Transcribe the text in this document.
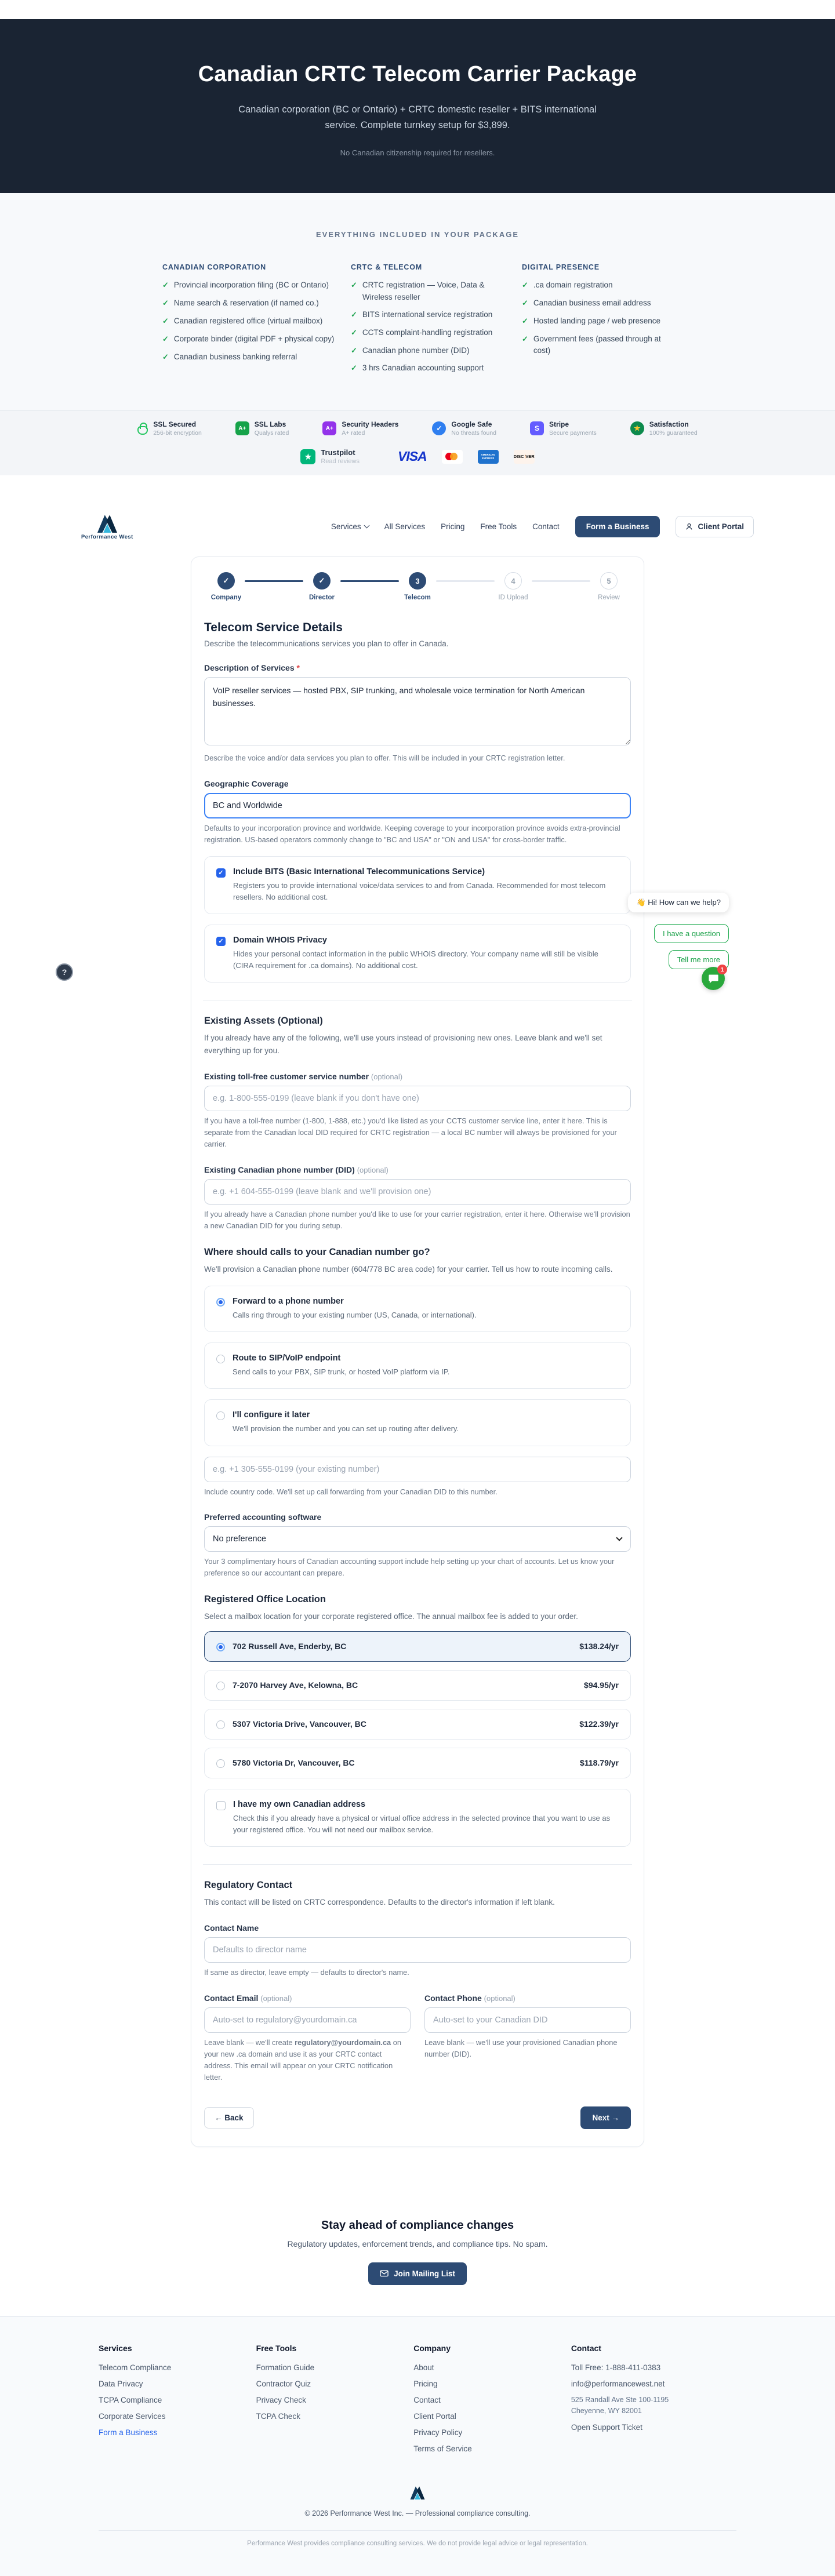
Canadian CRTC Telecom Carrier Package

Canadian corporation (BC or Ontario) + CRTC domestic reseller + BITS international service. Complete turnkey setup for $3,899.

No Canadian citizenship required for resellers.

EVERYTHING INCLUDED IN YOUR PACKAGE
CANADIAN CORPORATION
✓ Provincial incorporation filing (BC or Ontario)
✓ Name search & reservation (if named co.)
✓ Canadian registered office (virtual mailbox)
✓ Corporate binder (digital PDF + physical copy)
✓ Canadian business banking referral
CRTC & TELECOM
✓ CRTC registration — Voice, Data & Wireless reseller
✓ BITS international service registration
✓ CCTS complaint-handling registration
✓ Canadian phone number (DID)
✓ 3 hrs Canadian accounting support
DIGITAL PRESENCE
✓ .ca domain registration
✓ Canadian business email address
✓ Hosted landing page / web presence
✓ Government fees (passed through at cost)
SSL Secured
256-bit encryption
A+	SSL Labs
Qualys rated
A+	Security Headers
A+ rated
✓	Google Safe
No threats found
S	Stripe
Secure payments
★	Satisfaction
100% guaranteed
★	Trustpilot
Read reviews	VISA	AMERICAN EXPRESS	DISC VER
Performance West
Services	All Services Pricing Free Tools Contact	Form a Business	Client Portal
✓
Company
✓
Director
3
Telecom
4
ID Upload
5
Review
Telecom Service Details

Describe the telecommunications services you plan to offer in Canada.

Description of Services *
VoIP reseller services — hosted PBX, SIP trunking, and wholesale voice termination for North American businesses.

Describe the voice and/or data services you plan to offer. This will be included in your CRTC registration letter.

Geographic Coverage
BC and Worldwide

Defaults to your incorporation province and worldwide. Keeping coverage to your incorporation province avoids extra-provincial registration. US-based operators commonly change to "BC and USA" or "ON and USA" for cross-border traffic.

✓ Include BITS (Basic International Telecommunications Service)
Registers you to provide international voice/data services to and from Canada. Recommended for most telecom resellers. No additional cost.
✓ Domain WHOIS Privacy
Hides your personal contact information in the public WHOIS directory. Your company name will still be visible (CIRA requirement for .ca domains). No additional cost.
Existing Assets (Optional)

If you already have any of the following, we'll use yours instead of provisioning new ones. Leave blank and we'll set everything up for you.

Existing toll-free customer service number (optional)
e.g. 1-800-555-0199 (leave blank if you don't have one)

If you have a toll-free number (1-800, 1-888, etc.) you'd like listed as your CCTS customer service line, enter it here. This is separate from the Canadian local DID required for CRTC registration — a local BC number will always be provisioned for your carrier.

Existing Canadian phone number (DID) (optional)
e.g. +1 604-555-0199 (leave blank and we'll provision one)

If you already have a Canadian phone number you'd like to use for your carrier registration, enter it here. Otherwise we'll provision a new Canadian DID for you during setup.

Where should calls to your Canadian number go?

We'll provision a Canadian phone number (604/778 BC area code) for your carrier. Tell us how to route incoming calls.

Forward to a phone number
Calls ring through to your existing number (US, Canada, or international).
Route to SIP/VoIP endpoint
Send calls to your PBX, SIP trunk, or hosted VoIP platform via IP.
I'll configure it later
We'll provision the number and you can set up routing after delivery.
e.g. +1 305-555-0199 (your existing number)

Include country code. We'll set up call forwarding from your Canadian DID to this number.

Preferred accounting software
No preference

Your 3 complimentary hours of Canadian accounting support include help setting up your chart of accounts. Let us know your preference so our accountant can prepare.

Registered Office Location

Select a mailbox location for your corporate registered office. The annual mailbox fee is added to your order.

702 Russell Ave, Enderby, BC	$138.24/yr
7-2070 Harvey Ave, Kelowna, BC	$94.95/yr
5307 Victoria Drive, Vancouver, BC	$122.39/yr
5780 Victoria Dr, Vancouver, BC	$118.79/yr
I have my own Canadian address
Check this if you already have a physical or virtual office address in the selected province that you want to use as your registered office. You will not need our mailbox service.
Regulatory Contact

This contact will be listed on CRTC correspondence. Defaults to the director's information if left blank.

Contact Name
Defaults to director name

If same as director, leave empty — defaults to director's name.

Contact Email (optional)
Auto-set to regulatory@yourdomain.ca

Leave blank — we'll create regulatory@yourdomain.ca on your new .ca domain and use it as your CRTC contact address. This email will appear on your CRTC notification letter.

Contact Phone (optional)
Auto-set to your Canadian DID

Leave blank — we'll use your provisioned Canadian phone number (DID).

← Back	Next →
Stay ahead of compliance changes

Regulatory updates, enforcement trends, and compliance tips. No spam.

Join Mailing List
Services
Telecom Compliance
Data Privacy
TCPA Compliance
Corporate Services
Form a Business
Free Tools
Formation Guide
Contractor Quiz
Privacy Check
TCPA Check
Company
About
Pricing
Contact
Client Portal
Privacy Policy
Terms of Service
Contact
Toll Free: 1-888-411-0383
info@performancewest.net
525 Randall Ave Ste 100-1195
Cheyenne, WY 82001
Open Support Ticket
© 2026 Performance West Inc. — Professional compliance consulting.
Performance West provides compliance consulting services. We do not provide legal advice or legal representation.
👋 Hi! How can we help?
I have a question
Tell me more
1
?
